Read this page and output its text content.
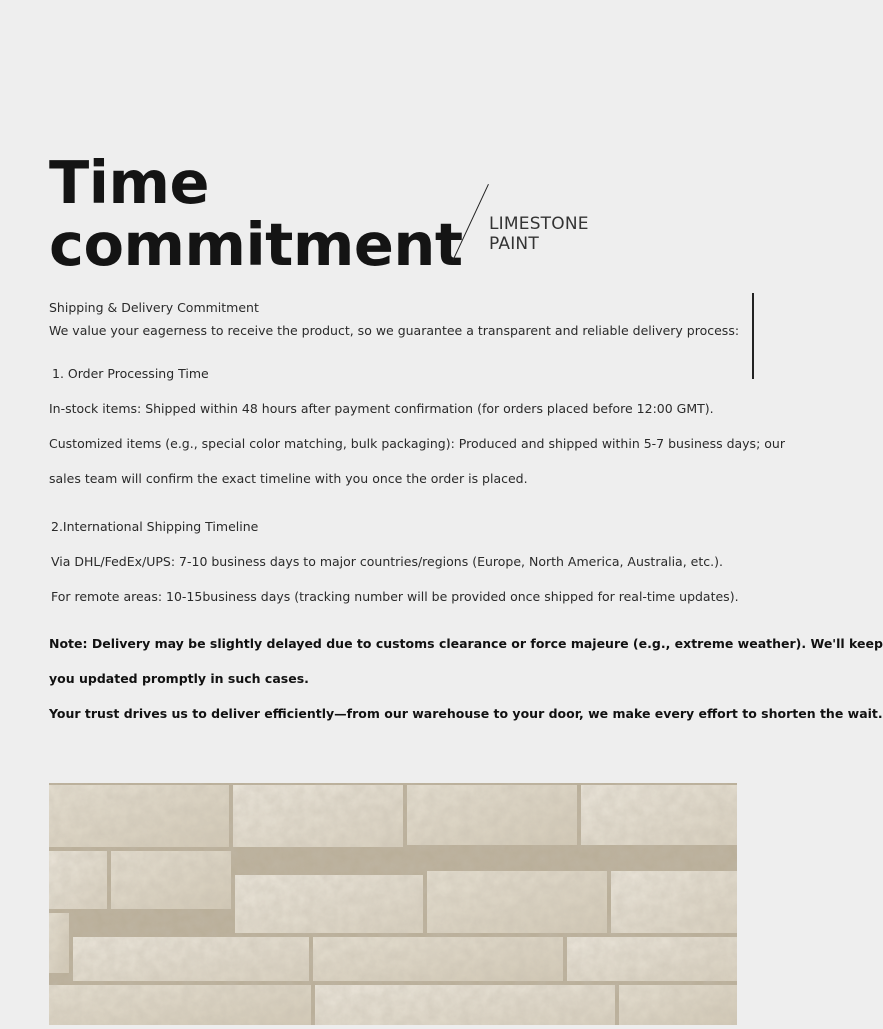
Time
commitment LIMESTONE
PAINT
Shipping & Delivery Commitment
We value your eagerness to receive the product, so we guarantee a transparent and reliable delivery process:
1. Order Processing Time
In-stock items: Shipped within 48 hours after payment confirmation (for orders placed before 12:00 GMT).
Customized items (e.g., special color matching, bulk packaging): Produced and shipped within 5-7 business days; our
sales team will confirm the exact timeline with you once the order is placed.
2.International Shipping Timeline
Via DHL/FedEx/UPS: 7-10 business days to major countries/regions (Europe, North America, Australia, etc.).
For remote areas: 10-15business days (tracking number will be provided once shipped for real-time updates).
Note: Delivery may be slightly delayed due to customs clearance or force majeure (e.g., extreme weather). We'll keep
you updated promptly in such cases.
Your trust drives us to deliver efficiently—from our warehouse to your door, we make every effort to shorten the wait.
